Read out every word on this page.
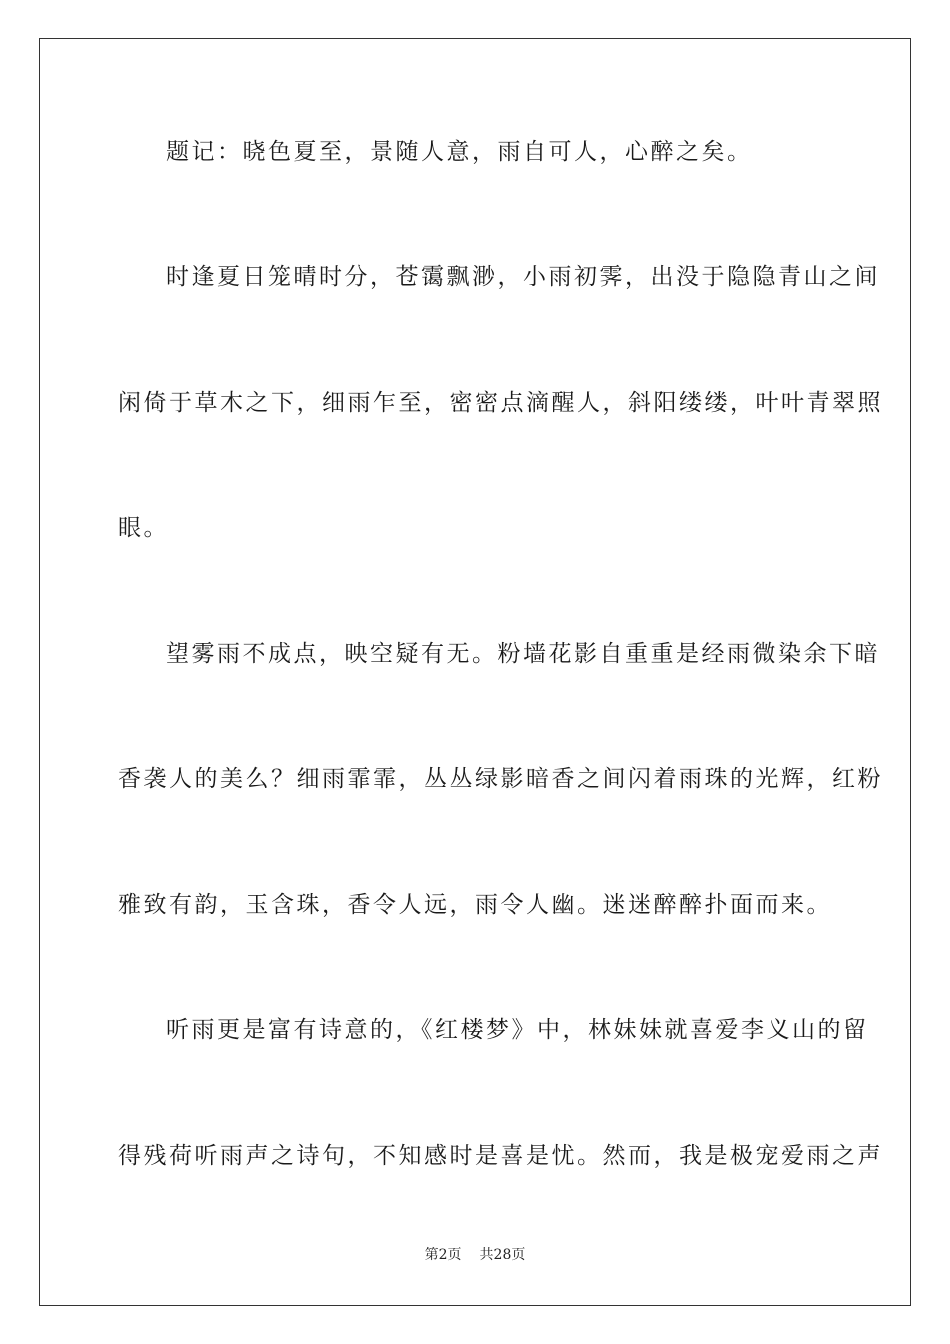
题记：晓色夏至，景随人意，雨自可人，心醉之矣。
时逢夏日笼晴时分，苍霭飘渺，小雨初霁，出没于隐隐青山之间
闲倚于草木之下，细雨乍至，密密点滴醒人，斜阳缕缕，叶叶青翠照
眼。
望雾雨不成点，映空疑有无。粉墙花影自重重是经雨微染余下暗
香袭人的美么？细雨霏霏，丛丛绿影暗香之间闪着雨珠的光辉，红粉
雅致有韵，玉含珠，香令人远，雨令人幽。迷迷醉醉扑面而来。
听雨更是富有诗意的，《红楼梦》中，林妹妹就喜爱李义山的留
得残荷听雨声之诗句，不知感时是喜是忧。然而，我是极宠爱雨之声
第2页 共28页
